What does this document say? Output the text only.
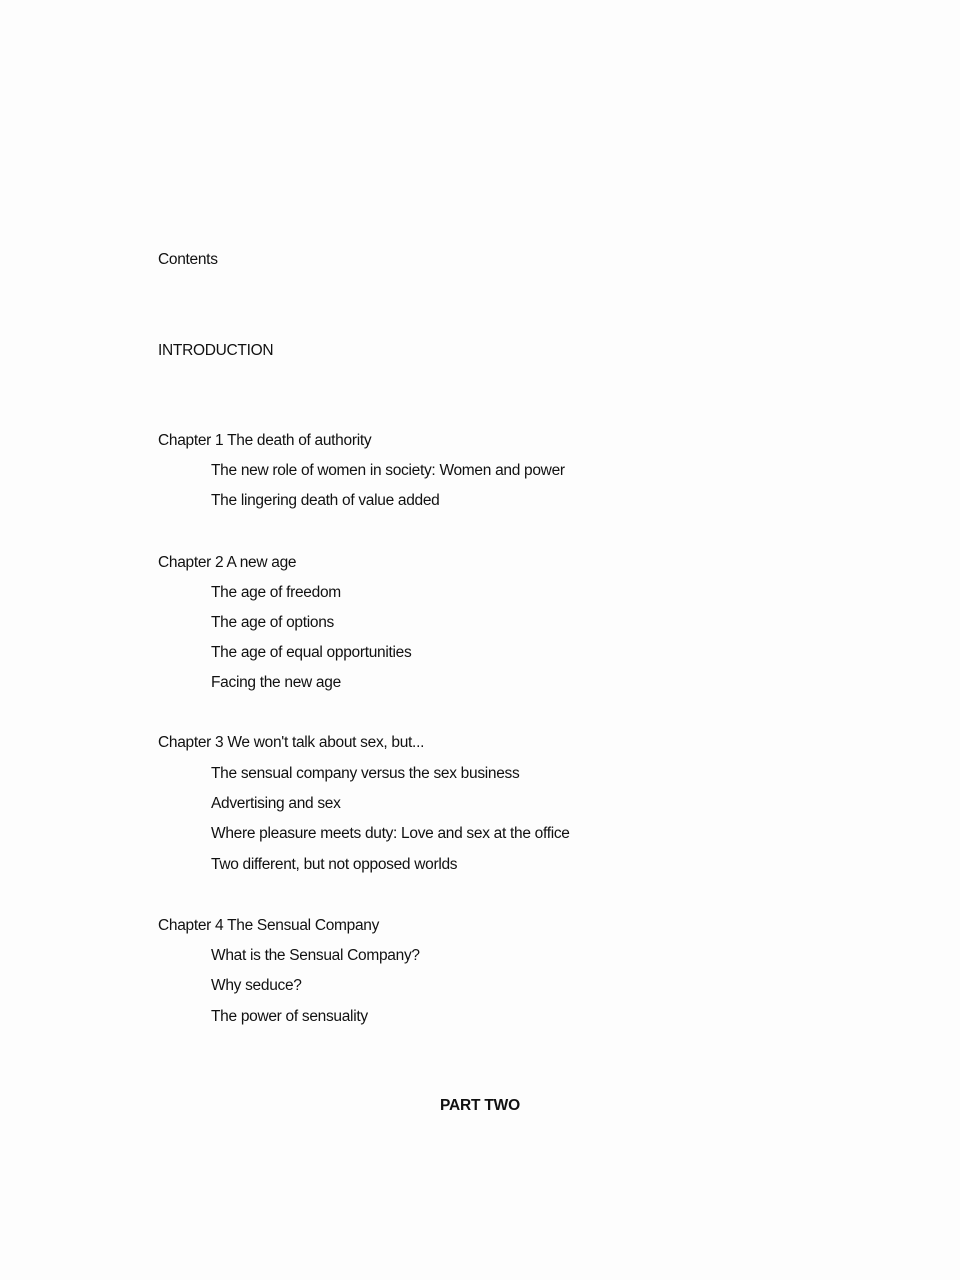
Contents
INTRODUCTION
Chapter 1 The death of authority
The new role of women in society: Women and power
The lingering death of value added
Chapter 2 A new age
The age of freedom
The age of options
The age of equal opportunities
Facing the new age
Chapter 3 We won't talk about sex, but...
The sensual company versus the sex business
Advertising and sex
Where pleasure meets duty: Love and sex at the office
Two different, but not opposed worlds
Chapter 4 The Sensual Company
What is the Sensual Company?
Why seduce?
The power of sensuality
PART TWO
